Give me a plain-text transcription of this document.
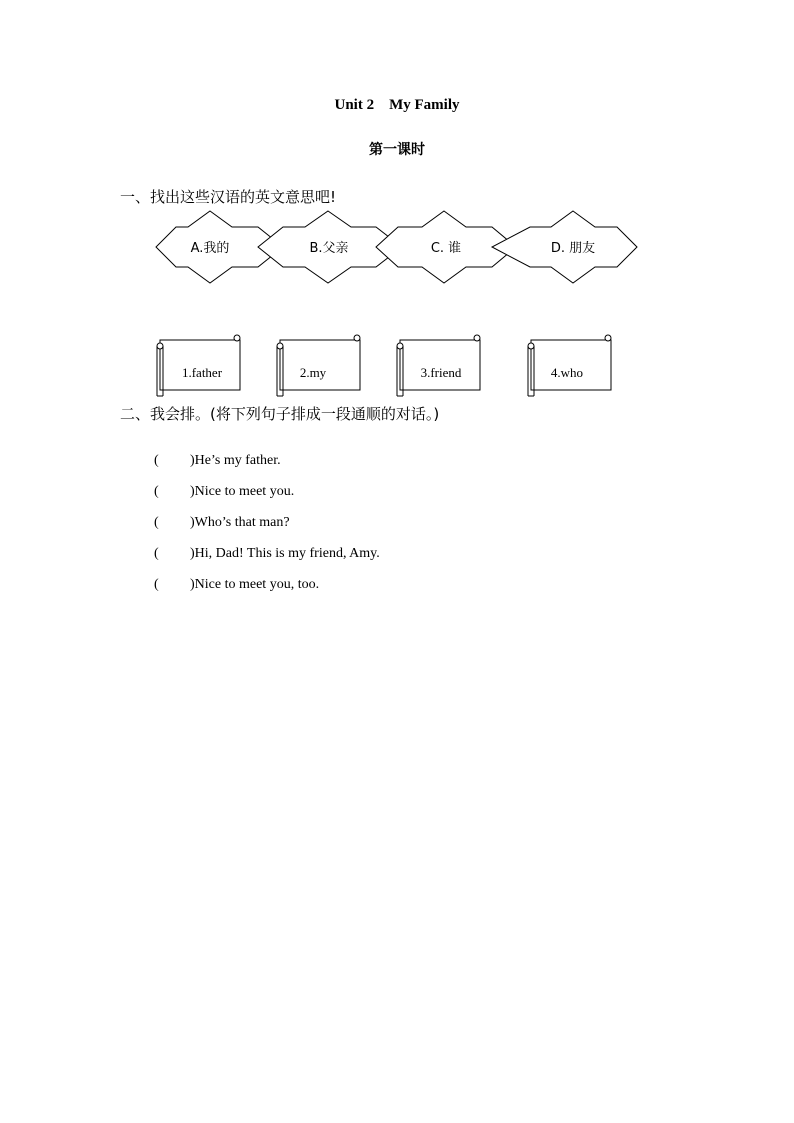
Unit 2    My Family
第一课时
一、找出这些汉语的英文意思吧!
A.我的	B.父亲	C. 谁	D. 朋友
1.father	2.my	3.friend	4.who
二、我会排。(将下列句子排成一段通顺的对话。)

( )He’s my father.

( )Nice to meet you.

( )Who’s that man?

( )Hi, Dad! This is my friend, Amy.

( )Nice to meet you, too.
